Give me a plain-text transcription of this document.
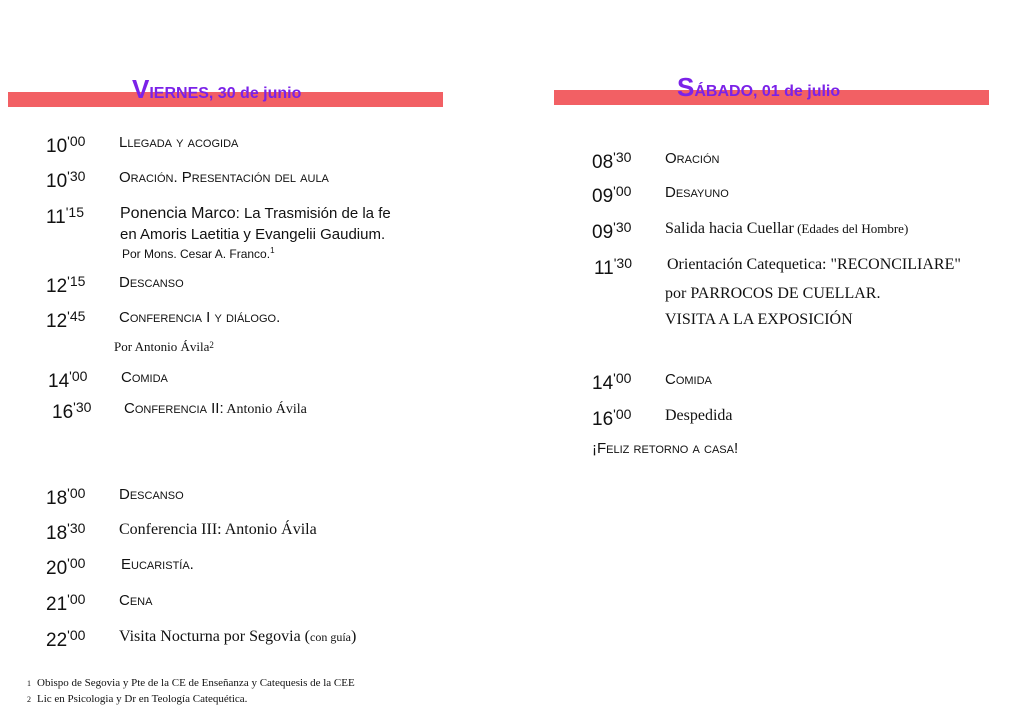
VIERNES, 30 de junio
$10^{'00}$ Llegada y acogida
$10^{'30}$ Oración. Presentación del aula
$11^{'15}$ Ponencia Marco: La Trasmisión de la fe
en Amoris Laetitia y Evangelii Gaudium.
Por Mons. Cesar A. Franco.$^1$
$12^{'15}$ Descanso
$12^{'45}$ Conferencia I y diálogo.
Por Antonio Ávila$^2$
$14^{'00}$ Comida
$16^{'30}$ Conferencia II: Antonio Ávila
$18^{'00}$ Descanso
$18^{'30}$ Conferencia III: Antonio Ávila
$20^{'00}$ Eucaristía.
$21^{'00}$ Cena
$22^{'00}$ Visita Nocturna por Segovia (con guía)
1 Obispo de Segovia y Pte de la CE de Enseñanza y Catequesis de la CEE
2 Lic en Psicologia y Dr en Teología Catequética.
SÁBADO, 01 de julio
$08^{'30}$ Oración
$09^{'00}$ Desayuno
$09^{'30}$ Salida hacia Cuellar (Edades del Hombre)
$11^{'30}$ Orientación Catequetica: "RECONCILIARE"
por PARROCOS DE CUELLAR.
VISITA A LA EXPOSICIÓN
$14^{'00}$ Comida
$16^{'00}$ Despedida
¡Feliz retorno a casa!
